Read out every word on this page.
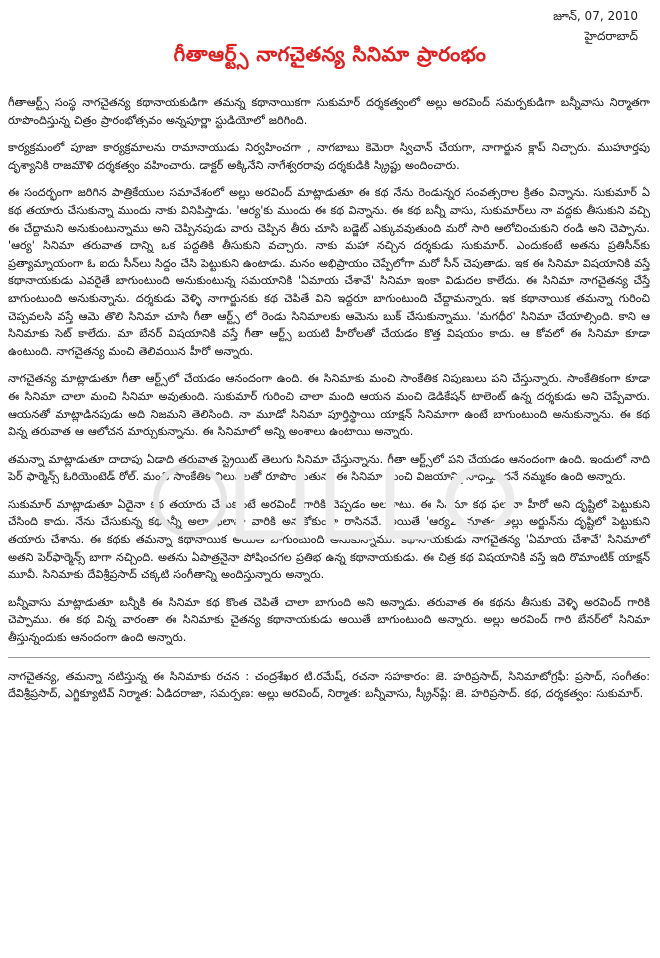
జూన్, 07, 2010
హైదరాబాద్
గీతాఆర్ట్స్ నాగచైతన్య సినిమా ప్రారంభం

గీతాఆర్ట్స్ సంస్థ నాగచైతన్య కథానాయకుడిగా తమన్న కథానాయికగా సుకుమార్ దర్శకత్వంలో అల్లు అరవింద్ సమర్పకుడిగా బన్నీవాసు నిర్మాతగా రూపొందిస్తున్న చిత్రం ప్రారంభోత్సవం అన్నపూర్ణా స్టుడియోలో జరిగింది.

కార్యక్రమంలో పూజా కార్యక్రమాలను రామానాయుడు నిర్వహించగా , నాగబాబు కెమెరా స్విచాన్ చేయగా, నాగార్జున క్లాప్ నిచ్చారు. ముహూర్తపు దృశ్యానికి రాజమౌళి దర్శకత్వం వహించారు. డాక్టర్ అక్కినేని నాగేశ్వరరావు దర్శకుడికి స్క్రిప్టు అందించారు.

ఈ సందర్భంగా జరిగిన పాత్రికేయుల సమావేశంలో అల్లు అరవింద్ మాట్లాడుతూ ఈ కథ నేను రెండున్నర సంవత్సరాల క్రితం విన్నాను. సుకుమార్ ఏ కథ తయారు చేసుకున్నా ముందు నాకు వినిపిస్తాడు. 'ఆర్య'కు ముందు ఈ కథ విన్నాను. ఈ కథ బన్నీ వాసు, సుకుమార్‌లు నా వద్దకు తీసుకుని వచ్చి ఈ చేద్దామని అనుకుంటున్నాము అని చెప్పినపుడు వారు చెప్పిన తీరు చూసి బడ్జెట్ ఎక్కువవుతుంది మరో సారి ఆలోచించుకుని రండి అని చెప్పాను. 'ఆర్య' సినిమా తరువాత దాన్ని ఒక పద్దతికి తీసుకుని వచ్చారు. నాకు మహా నచ్చిన దర్శకుడు సుకుమార్. ఎందుకంటే అతను ప్రతిసీన్‌కు ప్రత్యామ్నాయంగా ఓ ఐదు సీన్‌లు సిద్దం చేసి పెట్టుకుని ఉంటాడు. మనం అభిప్రాయం చెప్పేలోగా మరో సీన్ చెపుతాడు. ఇక ఈ సినిమా విషయానికి వస్తే కథానాయకుడు ఎవరైతే బాగుంటుంది అనుకుంటున్న సమయానికి 'ఏమాయ చేశావే' సినిమా ఇంకా విడుదల కాలేదు. ఈ సినిమా నాగచైతన్య చేస్తే బాగుంటుంది అనుకున్నాను. దర్శకుడు వెళ్ళి నాగార్జునకు కథ చెపితే విని ఇద్దరూ బాగుంటుంది చేద్దామన్నారు. ఇక కథానాయిక తమన్నా గురించి చెప్పవలసి వస్తే ఆమె తొలి సినిమా చూసి గీతా ఆర్ట్స్ లో రెండు సినిమాలకు ఆమెను బుక్ చేసుకున్నాము. 'మగధీర' సినిమా చేయాల్సింది. కాని ఆ సినిమాకు సెట్ కాలేదు. మా బేనర్ విషయానికి వస్తే గీతా ఆర్ట్స్ బయటి హీరోలతో చేయడం కొత్త విషయం కాదు. ఆ కోవలో ఈ సినిమా కూడా ఉంటుంది. నాగచైతన్య మంచి తెలివయిన హీరో అన్నారు.

నాగచైతన్య మాట్లాడుతూ గీతా ఆర్ట్స్‌లో చేయడం ఆనందంగా ఉంది. ఈ సినిమాకు మంచి సాంకేతిక నిపుణులు పని చేస్తున్నారు. సాంకేతికంగా కూడా ఈ సినిమా చాలా మంచి సినిమా అవుతుంది. సుకుమార్ గురించి చాలా మంది ఆయన మంచి డెడికేషన్ టాలెంట్ ఉన్న దర్శకుడు అని చెప్పేవారు. ఆయనతో మాట్లాడినపుడు అది నిజమని తెలిసింది. నా మూడో సినిమా పూర్తిస్థాయి యాక్షన్ సినిమాగా ఉంటే బాగుంటుంది అనుకున్నాను. ఈ కథ విన్న తరువాత ఆ ఆలోచన మార్చుకున్నాను. ఈ సినిమాలో అన్ని అంశాలు ఉంటాయి అన్నారు.

తమన్నా మాట్లాడుతూ దాదాపు ఏడాది తరువాత స్ట్రెయిట్ తెలుగు సినిమా చేస్తున్నాను. గీతా ఆర్ట్స్‌లో పని చేయడం ఆనందంగా ఉంది. ఇందులో నాది పెర్ ఫార్మెన్స్ ఓరియెంటెడ్ రోల్. మంచి సాంకేతిక విలువలతో రూపొందుతున్న ఈ సినిమా మంచి విజయాన్ని సాధిస్తుందనే నమ్మకం ఉంది అన్నారు.

సుకుమార్ మాట్లాడుతూ ఏదైనా కథ తయారు చేసుకుంటే అరవింద్ గారికి చెప్పడం అలవాటు. ఈ సినిమా కథ ఫలానా హీరో అని దృష్టిలో పెట్టుకుని చేసింది కాదు. నేను చేసుకున్న కథలన్నీ అలా ఫలానా వారికి అనుకోకుండా రాసినవే. అయితే 'ఆర్య2' మాత్రం అల్లు అర్జున్‌ను దృష్టిలో పెట్టుకుని తయారు చేశాను. ఈ కథకు తమన్నా కథానాయిక అయితే బాగుంటుంది అనుకున్నాము. కథానాయకుడు నాగచైతన్య 'ఏమాయ చేశావే' సినిమాలో అతని పెర్‌ఫార్మెన్స్ బాగా నచ్చింది. అతను ఏపాత్రనైనా పోషించగల ప్రతిభ ఉన్న కథానాయకుడు. ఈ చిత్ర కథ విషయానికి వస్తే ఇది రొమాంటిక్ యాక్షన్ మూవీ. సినిమాకు దేవిశ్రీప్రసాద్ చక్కటి సంగీతాన్ని అందిస్తున్నారు అన్నారు.

బన్నీవాసు మాట్లాడుతూ బన్నీకి ఈ సినిమా కథ కొంత చెపితే చాలా బాగుంది అని అన్నాడు. తరువాత ఈ కథను తీసుకు వెళ్ళి అరవింద్ గారికి చెప్పాము. ఈ కథ విన్న వారంతా ఈ సినిమాకు చైతన్య కథానాయకుడు అయితే బాగుంటుంది అన్నారు. అల్లు అరవింద్ గారి బేనర్‌లో సినిమా తీస్తున్నందుకు ఆనందంగా ఉంది అన్నారు.

నాగచైతన్య, తమన్నా నటిస్తున్న ఈ సినిమాకు రచన : చంద్రశేఖర టి.రమేష్, రచనా సహకారం: జె. హరిప్రసాద్, సినిమాటోగ్రఫీ: ప్రసాద్, సంగీతం: దేవిశ్రీప్రసాద్, ఎగ్జిక్యూటివ్ నిర్మాత: ఏడిదరాజా, సమర్పణ: అల్లు అరవింద్, నిర్మాత: బన్నీవాసు, స్క్రీన్‌ప్లే: జె. హరిప్రసాద్. కథ, దర్శకత్వం: సుకుమార్.
